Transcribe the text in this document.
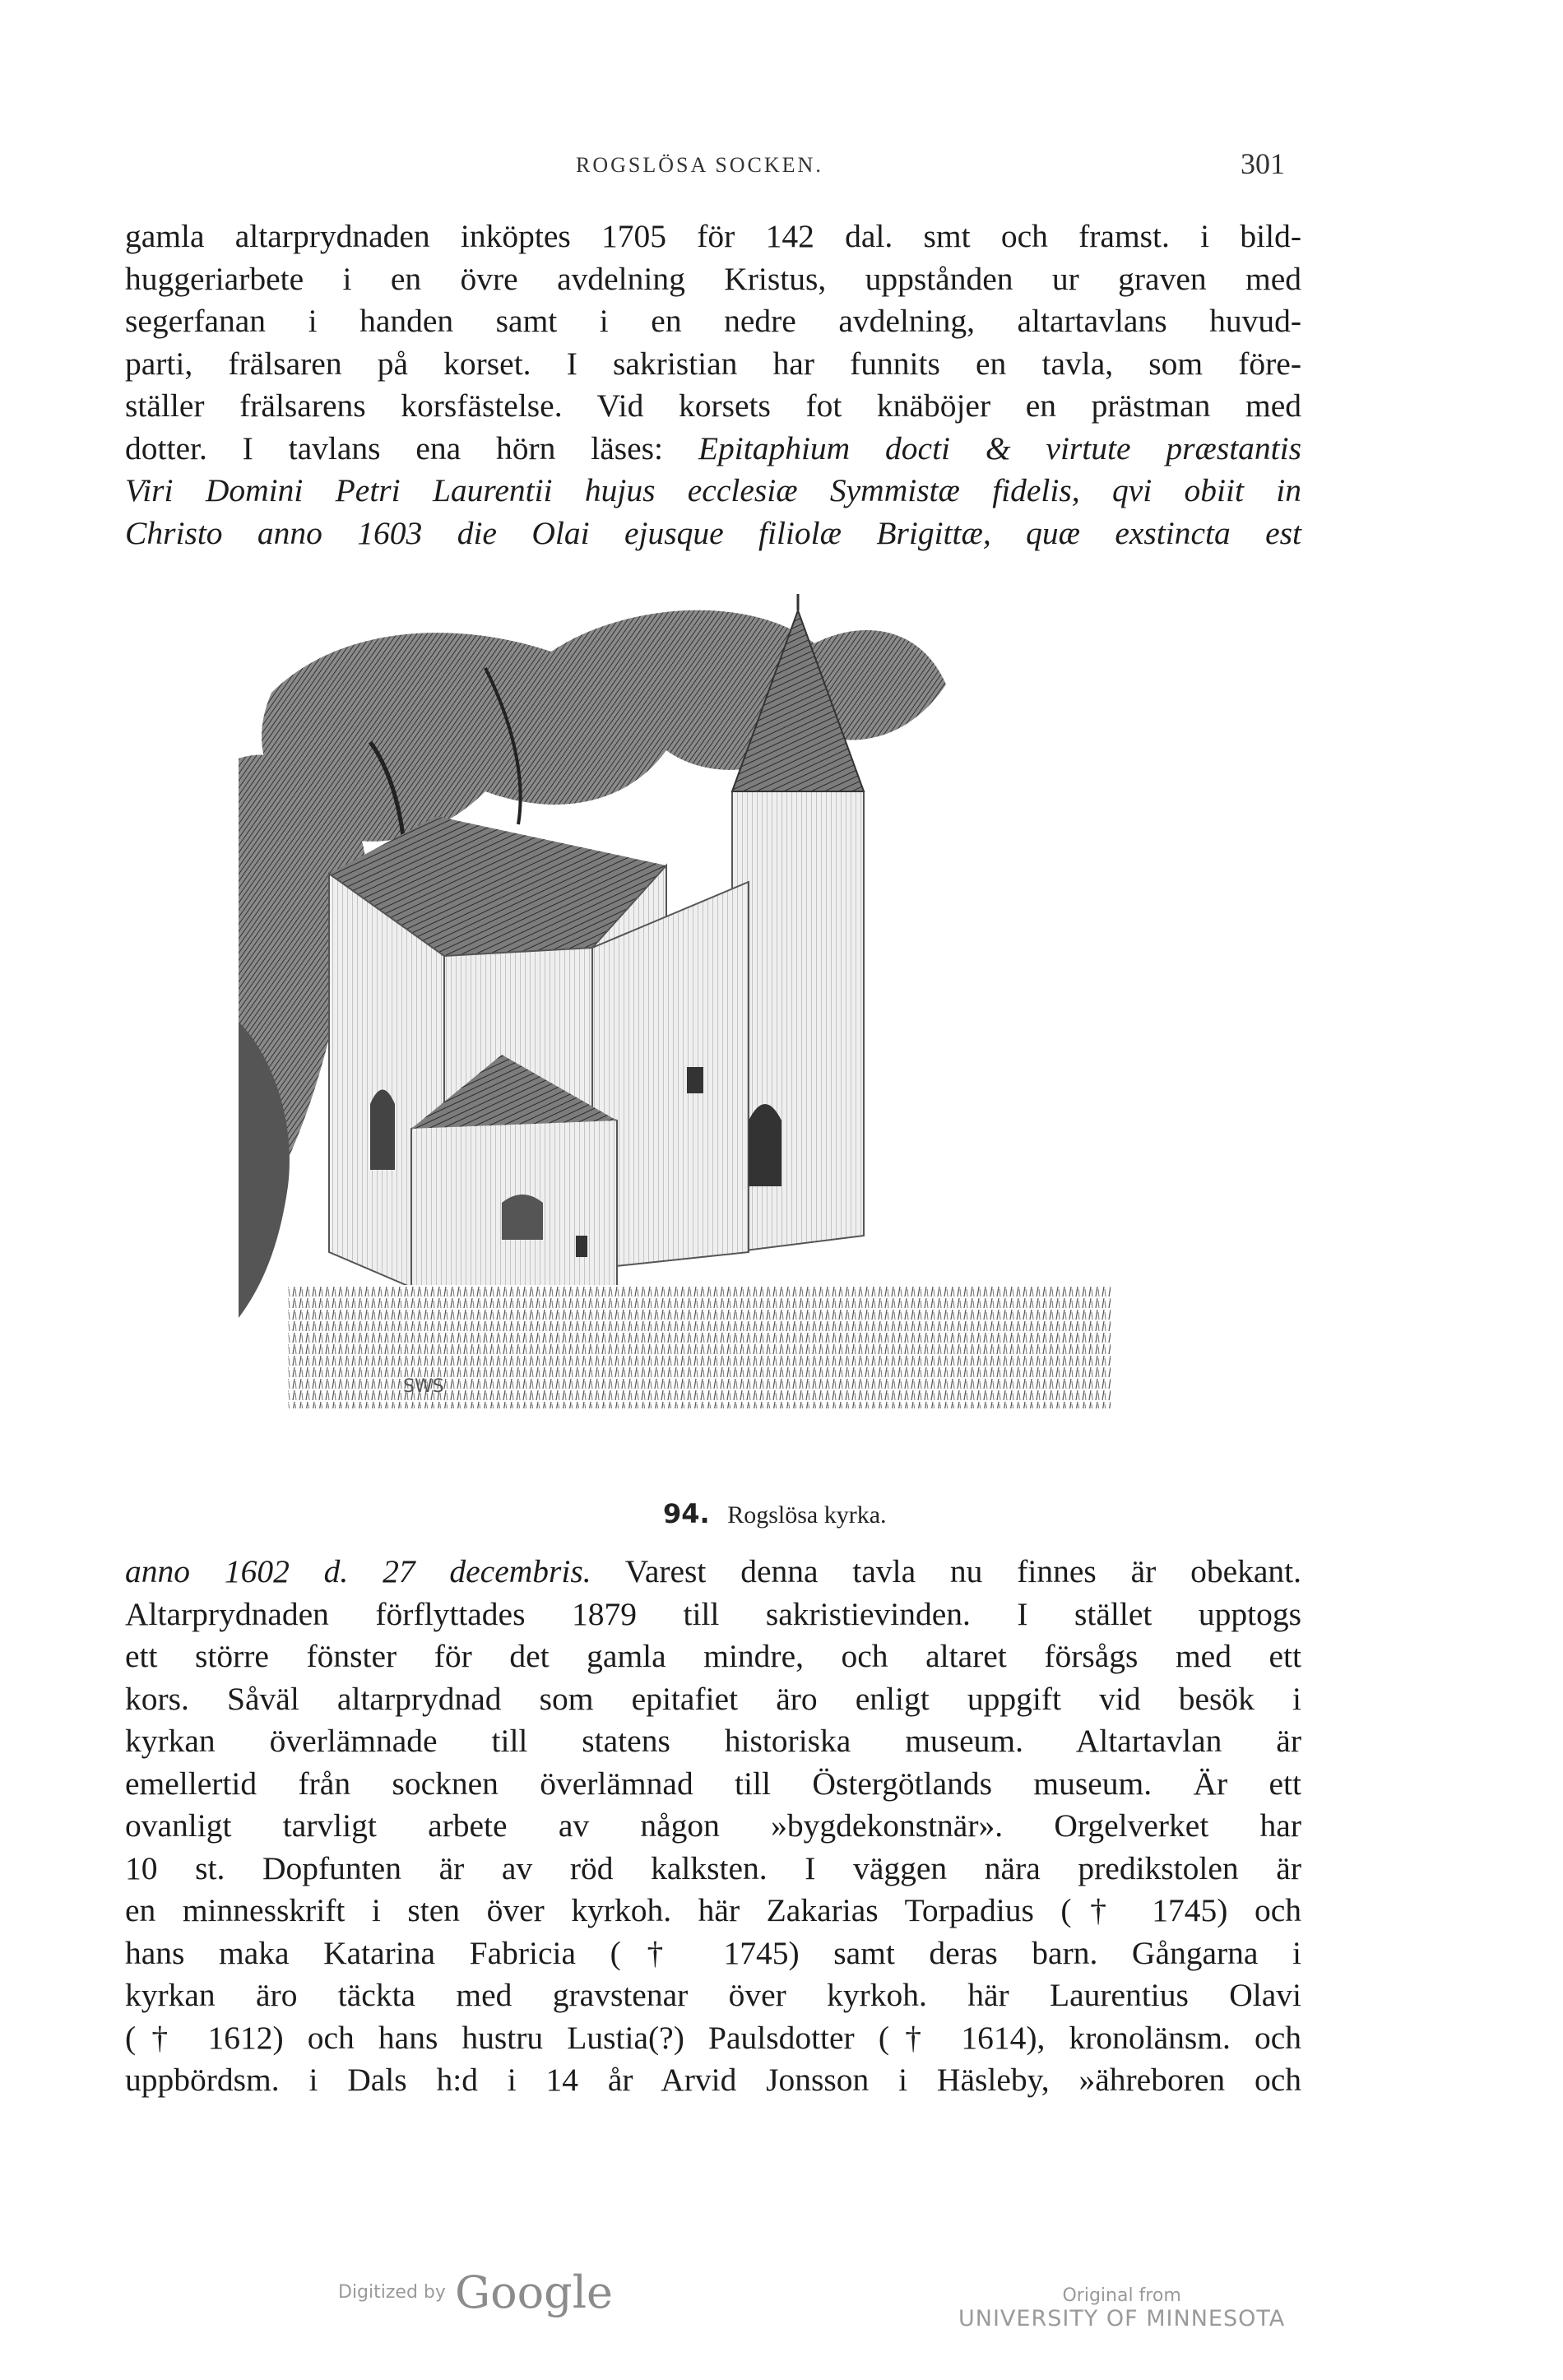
ROGSLÖSA SOCKEN.	301
gamla altarprydnaden inköptes 1705 för 142 dal. smt och framst. i bild-
huggeriarbete i en övre avdelning Kristus, uppstånden ur graven med
segerfanan i handen samt i en nedre avdelning, altartavlans huvud-
parti, frälsaren på korset. I sakristian har funnits en tavla, som före-
ställer frälsarens korsfästelse. Vid korsets fot knäböjer en prästman med
dotter. I tavlans ena hörn läses: Epitaphium docti & virtute præstantis
Viri Domini Petri Laurentii hujus ecclesiæ Symmistæ fidelis, qvi obiit in
Christo anno 1603 die Olai ejusque filiolæ Brigittæ, quæ exstincta est
SWS
94. Rogslösa kyrka.
anno 1602 d. 27 decembris. Varest denna tavla nu finnes är obekant.
Altarprydnaden förflyttades 1879 till sakristievinden. I stället upptogs
ett större fönster för det gamla mindre, och altaret försågs med ett
kors. Såväl altarprydnad som epitafiet äro enligt uppgift vid besök i
kyrkan överlämnade till statens historiska museum. Altartavlan är
emellertid från socknen överlämnad till Östergötlands museum. Är ett
ovanligt tarvligt arbete av någon »bygdekonstnär». Orgelverket har
10 st. Dopfunten är av röd kalksten. I väggen nära predikstolen är
en minnesskrift i sten över kyrkoh. här Zakarias Torpadius († 1745) och
hans maka Katarina Fabricia († 1745) samt deras barn. Gångarna i
kyrkan äro täckta med gravstenar över kyrkoh. här Laurentius Olavi
(† 1612) och hans hustru Lustia(?) Paulsdotter († 1614), kronolänsm. och
uppbördsm. i Dals h:d i 14 år Arvid Jonsson i Häsleby, »ähreboren och
Digitized by Google	Original from
UNIVERSITY OF MINNESOTA
